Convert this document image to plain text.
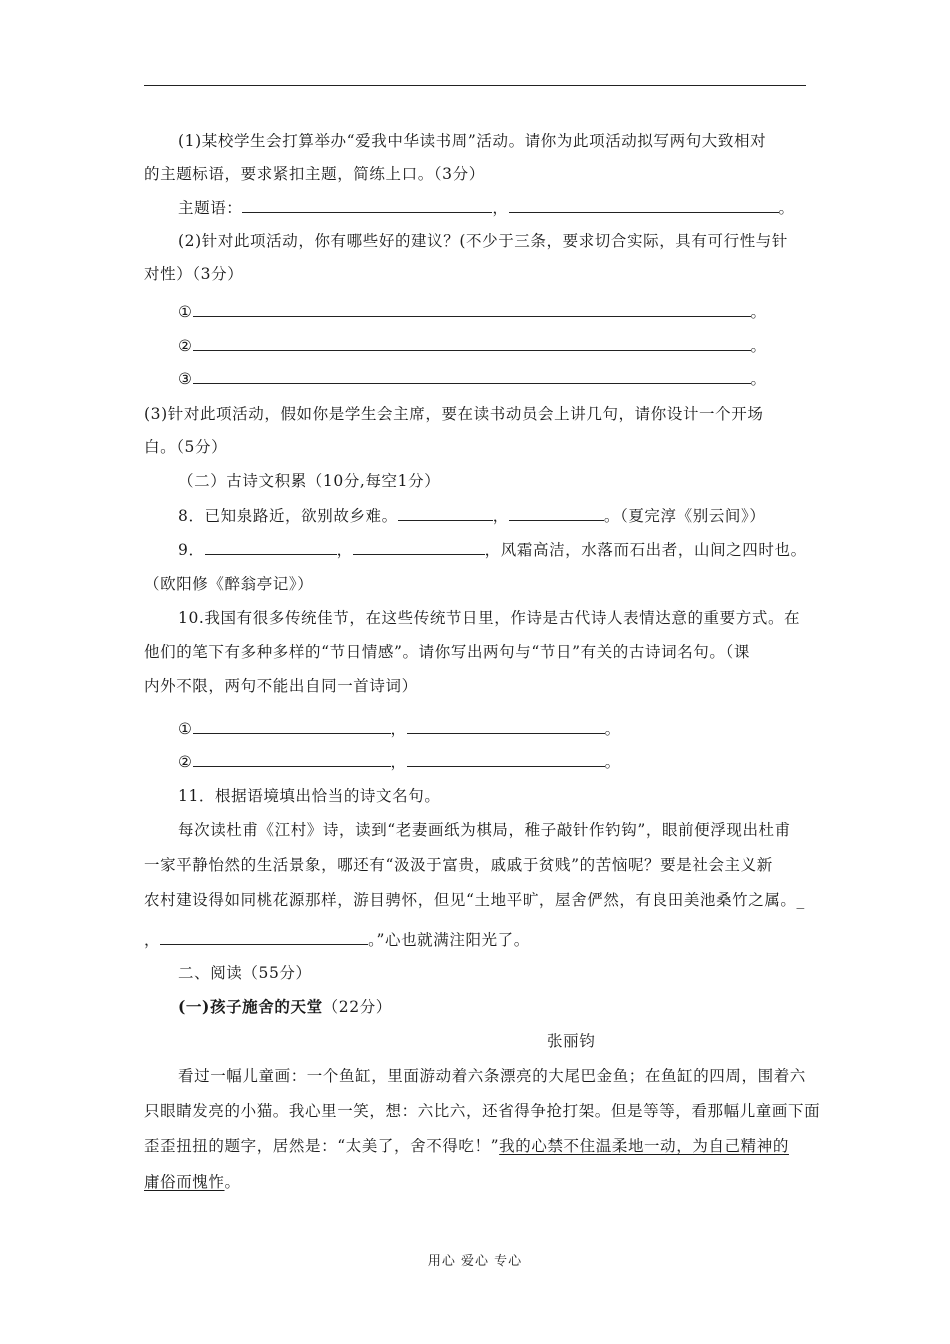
(1)某校学生会打算举办“爱我中华读书周”活动。请你为此项活动拟写两句大致相对
的主题标语，要求紧扣主题，简练上口。（3分）
主题语：	，	。
(2)针对此项活动，你有哪些好的建议？(不少于三条，要求切合实际，具有可行性与针
对性）（3分）
①	。
②	。
③	。
(3)针对此项活动，假如你是学生会主席，要在读书动员会上讲几句，请你设计一个开场
白。（5分）
（二）古诗文积累（10分,每空1分）
8．已知泉路近，欲别故乡难。	，	。（夏完淳《别云间》）
9．	，	，风霜高洁，水落而石出者，山间之四时也。
（欧阳修《醉翁亭记》）
10.我国有很多传统佳节，在这些传统节日里，作诗是古代诗人表情达意的重要方式。在
他们的笔下有多种多样的“节日情感”。请你写出两句与“节日”有关的古诗词名句。（课
内外不限，两句不能出自同一首诗词）
①	，	。
②	，	。
11．根据语境填出恰当的诗文名句。
每次读杜甫《江村》诗，读到“老妻画纸为棋局，稚子敲针作钓钩”，眼前便浮现出杜甫
一家平静怡然的生活景象，哪还有“汲汲于富贵，戚戚于贫贱”的苦恼呢？要是社会主义新
农村建设得如同桃花源那样，游目骋怀，但见“土地平旷，屋舍俨然，有良田美池桑竹之属。_
，	。”心也就满注阳光了。
二、阅读（55分）
(一)孩子施舍的天堂（22分）
张丽钧
看过一幅儿童画：一个鱼缸，里面游动着六条漂亮的大尾巴金鱼；在鱼缸的四周，围着六
只眼睛发亮的小猫。我心里一笑，想：六比六，还省得争抢打架。但是等等，看那幅儿童画下面
歪歪扭扭的题字，居然是：“太美了，舍不得吃！”我的心禁不住温柔地一动，为自己精神的
庸俗而愧怍。
用心 爱心 专心
